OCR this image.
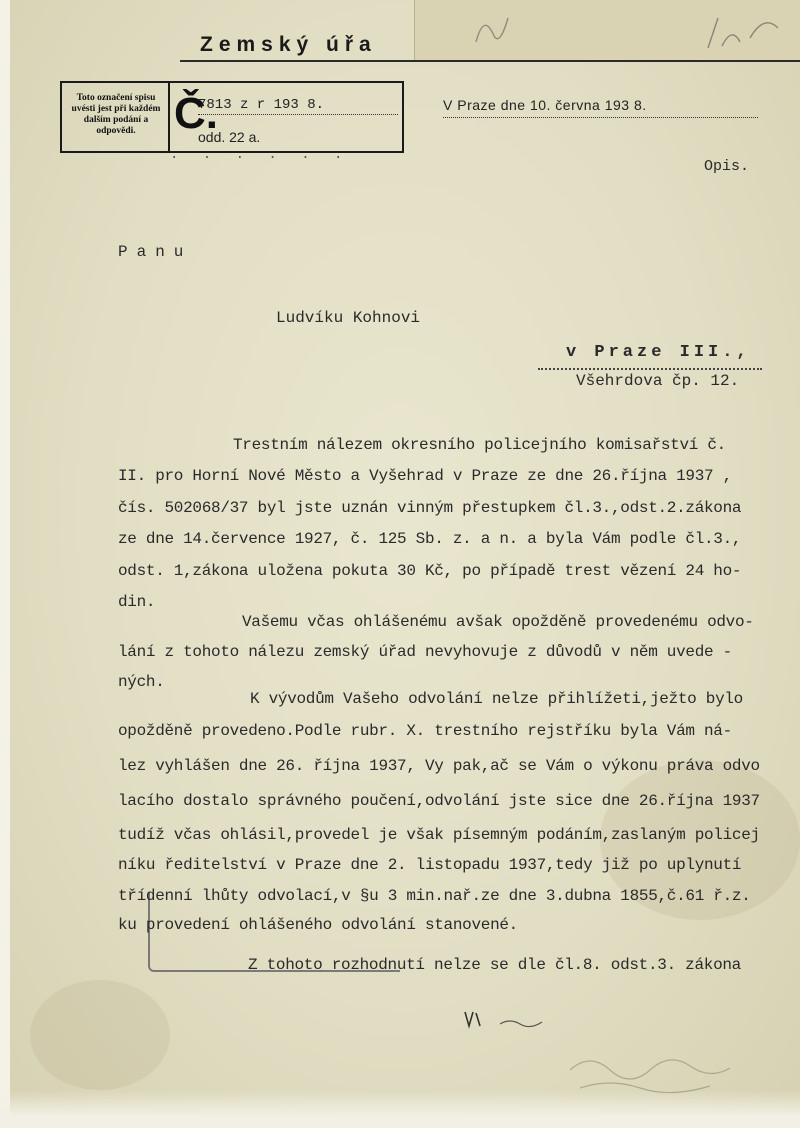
Zemský úřa
Toto označení spisu uvésti jest při každém dalším podání a odpovědi. Č.
7813 z r 193 8.
odd. 22 a.
V Praze dne 10. června 193 8.
· · · · · ·	Opis.
Panu
Ludvíku Kohnovi
v Praze III.,
Všehrdova čp. 12.
Trestním nálezem okresního policejního komisařství č.
II. pro Horní Nové Město a Vyšehrad v Praze ze dne 26.října 1937 ,
čís. 502068/37 byl jste uznán vinným přestupkem čl.3.,odst.2.zákona
ze dne 14.července 1927, č. 125 Sb. z. a n. a byla Vám podle čl.3.,
odst. 1,zákona uložena pokuta 30 Kč, po případě trest vězení 24 ho-
din.
Vašemu včas ohlášenému avšak opožděně provedenému odvo-
lání z tohoto nálezu zemský úřad nevyhovuje z důvodů v něm uvede -
ných.
K vývodům Vašeho odvolání nelze přihlížeti,ježto bylo
opožděně provedeno.Podle rubr. X. trestního rejstříku byla Vám ná-
lez vyhlášen dne 26. října 1937, Vy pak,ač se Vám o výkonu práva odvo
lacího dostalo správného poučení,odvolání jste sice dne 26.října 1937
tudíž včas ohlásil,provedel je však písemným podáním,zaslaným policej
níku ředitelství v Praze dne 2. listopadu 1937,tedy již po uplynutí
třídenní lhůty odvolací,v §u 3 min.nař.ze dne 3.dubna 1855,č.61 ř.z.
ku provedení ohlášeného odvolání stanovené.
Z tohoto rozhodnutí nelze se dle čl.8. odst.3. zákona
